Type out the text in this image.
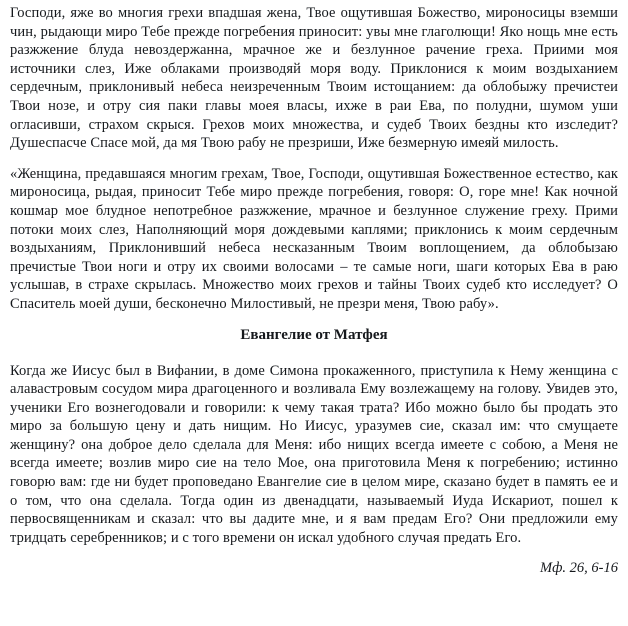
Господи, яже во многия грехи впадшая жена, Твое ощутившая Божество, мироносицы вземши чин, рыдающи миро Тебе прежде погребения приносит: увы мне глаголющи! Яко нощь мне есть разжжение блуда невоздержанна, мрачное же и безлунное рачение греха. Приими моя источники слез, Иже облаками производяй моря воду. Приклонися к моим воздыханием сердечным, приклонивый небеса неизреченным Твоим истощанием: да облобыжу пречистеи Твои нозе, и отру сия паки главы моея власы, ихже в раи Ева, по полудни, шумом уши огласивши, страхом скрыся. Грехов моих множества, и судеб Твоих бездны кто изследит? Душеспасче Спасе мой, да мя Твою рабу не презриши, Иже безмерную имеяй милость.

«Женщина, предавшаяся многим грехам, Твое, Господи, ощутившая Божественное естество, как мироносица, рыдая, приносит Тебе миро прежде погребения, говоря: О, горе мне! Как ночной кошмар мое блудное непотребное разжжение, мрачное и безлунное служение греху. Прими потоки моих слез, Наполняющий моря дождевыми каплями; приклонись к моим сердечным воздыханиям, Приклонивший небеса несказанным Твоим воплощением, да облобызаю пречистые Твои ноги и отру их своими волосами – те самые ноги, шаги которых Ева в раю услышав, в страхе скрылась. Множество моих грехов и тайны Твоих судеб кто исследует? О Спаситель моей души, бесконечно Милостивый, не презри меня, Твою рабу».

Евангелие от Матфея

Когда же Иисус был в Вифании, в доме Симона прокаженного, приступила к Нему женщина с алавастровым сосудом мира драгоценного и возливала Ему возлежащему на голову. Увидев это, ученики Его вознегодовали и говорили: к чему такая трата? Ибо можно было бы продать это миро за большую цену и дать нищим. Но Иисус, уразумев сие, сказал им: что смущаете женщину? она доброе дело сделала для Меня: ибо нищих всегда имеете с собою, а Меня не всегда имеете; возлив миро сие на тело Мое, она приготовила Меня к погребению; истинно говорю вам: где ни будет проповедано Евангелие сие в целом мире, сказано будет в память ее и о том, что она сделала. Тогда один из двенадцати, называемый Иуда Искариот, пошел к первосвященникам и сказал: что вы дадите мне, и я вам предам Его? Они предложили ему тридцать серебренников; и с того времени он искал удобного случая предать Его.

Мф. 26, 6-16
